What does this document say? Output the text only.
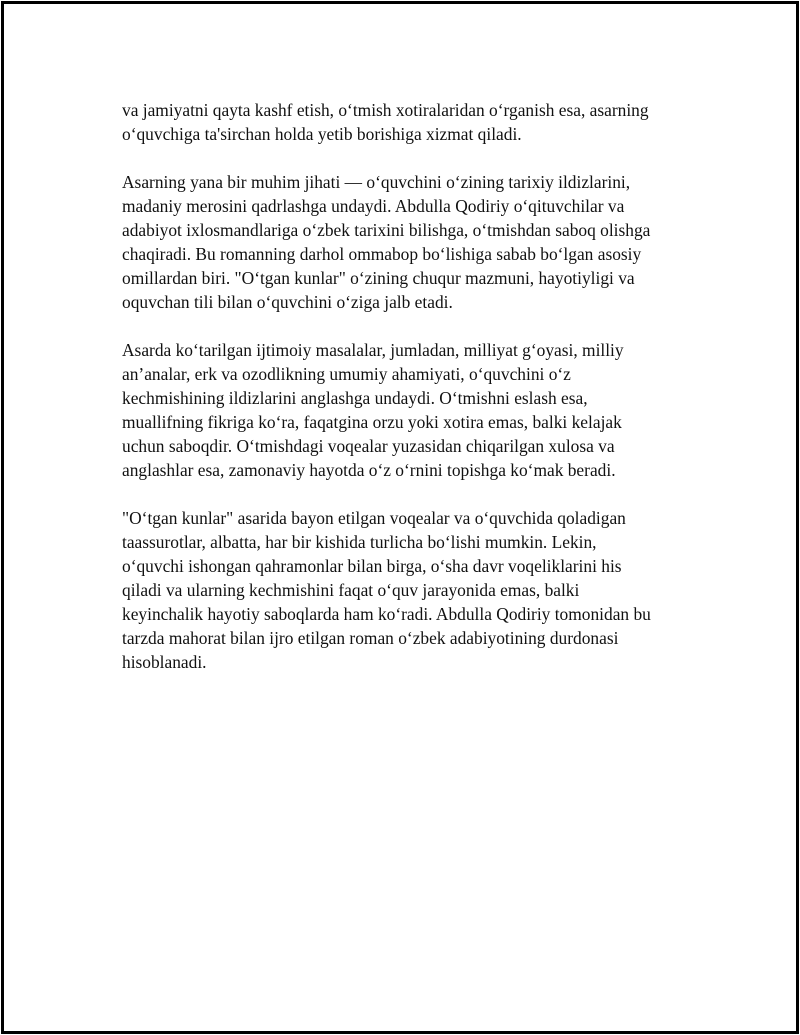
va jamiyatni qayta kashf etish, o‘tmish xotiralaridan o‘rganish esa, asarning
o‘quvchiga ta'sirchan holda yetib borishiga xizmat qiladi.

Asarning yana bir muhim jihati — o‘quvchini o‘zining tarixiy ildizlarini,
madaniy merosini qadrlashga undaydi. Abdulla Qodiriy o‘qituvchilar va
adabiyot ixlosmandlariga o‘zbek tarixini bilishga, o‘tmishdan saboq olishga
chaqiradi. Bu romanning darhol ommabop bo‘lishiga sabab bo‘lgan asosiy
omillardan biri. "O‘tgan kunlar" o‘zining chuqur mazmuni, hayotiyligi va
oquvchan tili bilan o‘quvchini o‘ziga jalb etadi.

Asarda ko‘tarilgan ijtimoiy masalalar, jumladan, milliyat g‘oyasi, milliy
an’analar, erk va ozodlikning umumiy ahamiyati, o‘quvchini o‘z
kechmishining ildizlarini anglashga undaydi. O‘tmishni eslash esa,
muallifning fikriga ko‘ra, faqatgina orzu yoki xotira emas, balki kelajak
uchun saboqdir. O‘tmishdagi voqealar yuzasidan chiqarilgan xulosa va
anglashlar esa, zamonaviy hayotda o‘z o‘rnini topishga ko‘mak beradi.

"O‘tgan kunlar" asarida bayon etilgan voqealar va o‘quvchida qoladigan
taassurotlar, albatta, har bir kishida turlicha bo‘lishi mumkin. Lekin,
o‘quvchi ishongan qahramonlar bilan birga, o‘sha davr voqeliklarini his
qiladi va ularning kechmishini faqat o‘quv jarayonida emas, balki
keyinchalik hayotiy saboqlarda ham ko‘radi. Abdulla Qodiriy tomonidan bu
tarzda mahorat bilan ijro etilgan roman o‘zbek adabiyotining durdonasi
hisoblanadi.
